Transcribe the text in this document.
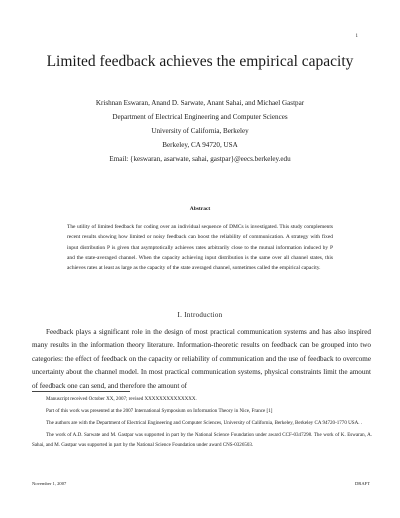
1
Limited feedback achieves the empirical capacity
Krishnan Eswaran, Anand D. Sarwate, Anant Sahai, and Michael Gastpar
Department of Electrical Engineering and Computer Sciences
University of California, Berkeley
Berkeley, CA 94720, USA
Email: {keswaran, asarwate, sahai, gastpar}@eecs.berkeley.edu
Abstract
The utility of limited feedback for coding over an individual sequence of DMCs is investigated. This study complements recent results showing how limited or noisy feedback can boost the reliability of communication. A strategy with fixed input distribution P is given that asymptotically achieves rates arbitrarily close to the mutual information induced by P and the state-averaged channel. When the capacity achieving input distribution is the same over all channel states, this achieves rates at least as large as the capacity of the state averaged channel, sometimes called the empirical capacity.
I. Introduction
Feedback plays a significant role in the design of most practical communication systems and has also inspired many results in the information theory literature. Information-theoretic results on feedback can be grouped into two categories: the effect of feedback on the capacity or reliability of communication and the use of feedback to overcome uncertainty about the channel model. In most practical communication systems, physical constraints limit the amount of feedback one can send, and therefore the amount of
Manuscript received October XX, 2007; revised XXXXXXXXXXXXXX.
Part of this work was presented at the 2007 International Symposium on Information Theory in Nice, France [1]
The authors are with the Department of Electrical Engineering and Computer Sciences, University of California, Berkeley, Berkeley CA 94720-1770 USA. .
The work of A.D. Sarwate and M. Gastpar was supported in part by the National Science Foundation under award CCF-0347298. The work of K. Eswaran, A. Sahai, and M. Gastpar was supported in part by the National Science Foundation under award CNS-0326503.
November 1, 2007	DRAFT
